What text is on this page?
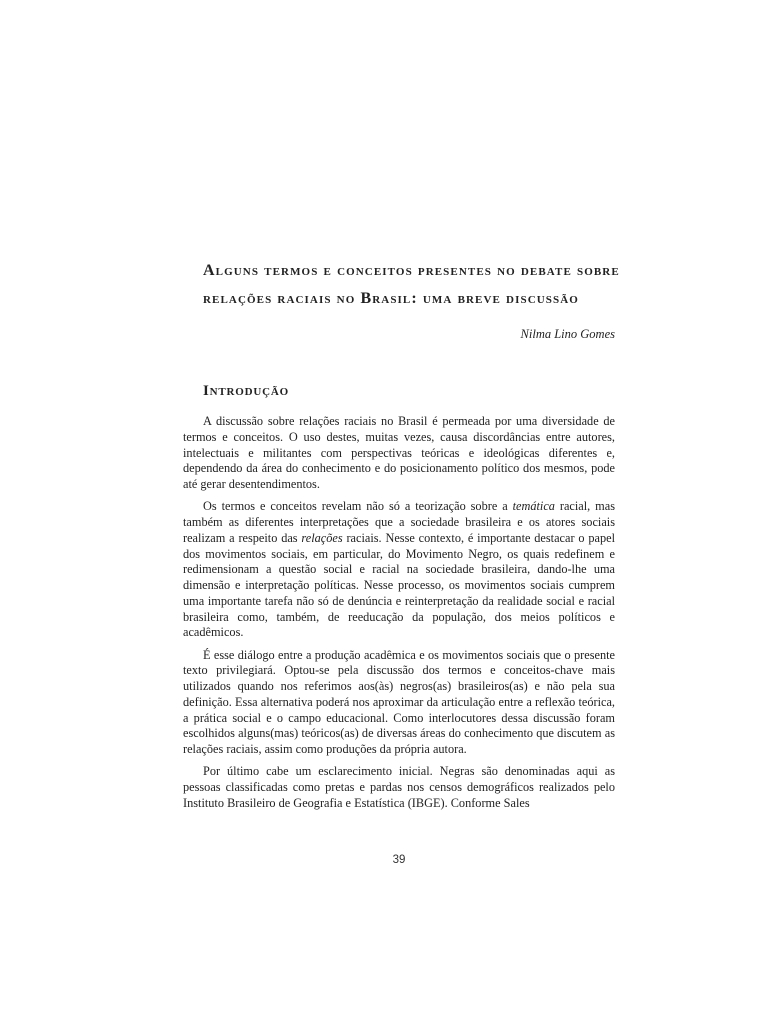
Alguns termos e conceitos presentes no debate sobre
relações raciais no Brasil: uma breve discussão
Nilma Lino Gomes
Introdução

A discussão sobre relações raciais no Brasil é permeada por uma diversidade de termos e conceitos. O uso destes, muitas vezes, causa discordâncias entre autores, intelectuais e militantes com perspectivas teóricas e ideológicas diferentes e, dependendo da área do conhecimento e do posicionamento político dos mesmos, pode até gerar desentendimentos.

Os termos e conceitos revelam não só a teorização sobre a temática racial, mas também as diferentes interpretações que a sociedade brasileira e os atores sociais realizam a respeito das relações raciais. Nesse contexto, é importante destacar o papel dos movimentos sociais, em particular, do Movimento Negro, os quais redefinem e redimensionam a questão social e racial na sociedade brasileira, dando-lhe uma dimensão e interpretação políticas. Nesse processo, os movimentos sociais cumprem uma importante tarefa não só de denúncia e reinterpretação da realidade social e racial brasileira como, também, de reeducação da população, dos meios políticos e acadêmicos.

É esse diálogo entre a produção acadêmica e os movimentos sociais que o presente texto privilegiará. Optou-se pela discussão dos termos e conceitos-chave mais utilizados quando nos referimos aos(às) negros(as) brasileiros(as) e não pela sua definição. Essa alternativa poderá nos aproximar da articulação entre a reflexão teórica, a prática social e o campo educacional. Como interlocutores dessa discussão foram escolhidos alguns(mas) teóricos(as) de diversas áreas do conhecimento que discutem as relações raciais, assim como produções da própria autora.

Por último cabe um esclarecimento inicial. Negras são denominadas aqui as pessoas classificadas como pretas e pardas nos censos demográficos realizados pelo Instituto Brasileiro de Geografia e Estatística (IBGE). Conforme Sales

39
